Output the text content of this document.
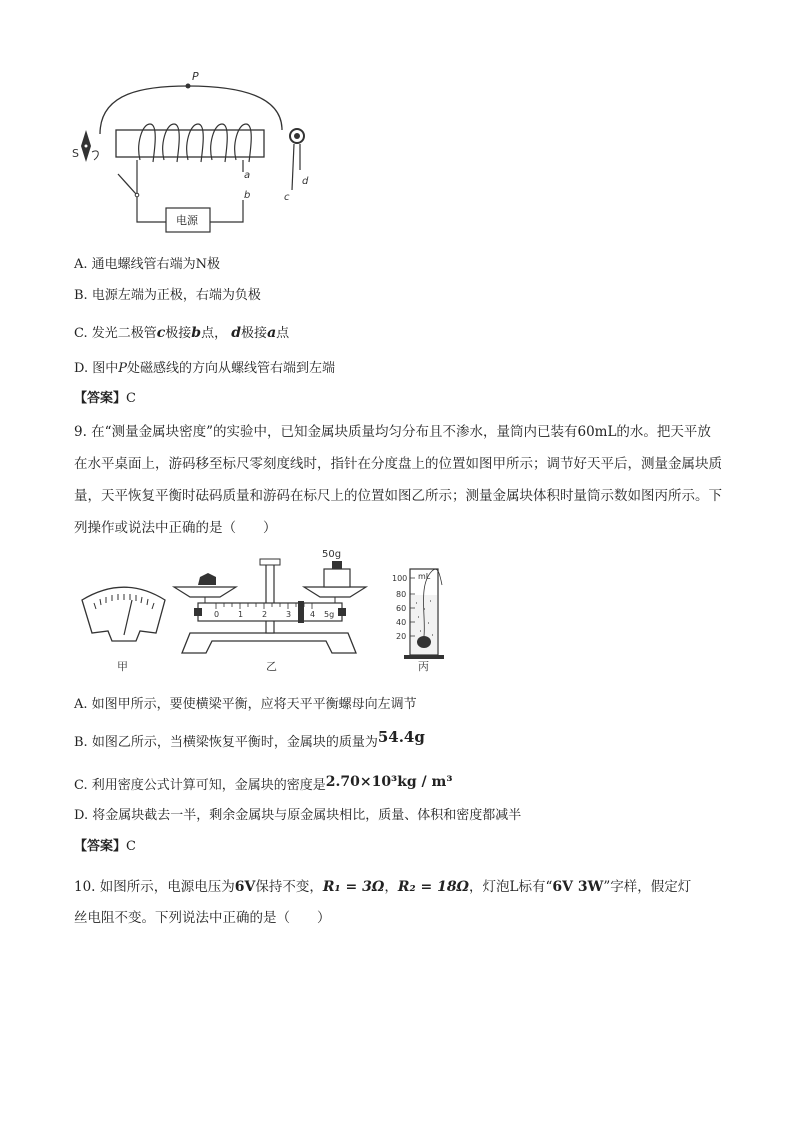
P
S
a
b
电源
c
d
A. 通电螺线管右端为N极
B. 电源左端为正极，右端为负极
C. 发光二极管c极接b点， d极接a点
D. 图中P处磁感线的方向从螺线管右端到左端
【答案】C
9. 在“测量金属块密度”的实验中，已知金属块质量均匀分布且不渗水，量筒内已装有60mL的水。把天平放在水平桌面上，游码移至标尺零刻度线时，指针在分度盘上的位置如图甲所示；调节好天平后，测量金属块质量，天平恢复平衡时砝码质量和游码在标尺上的位置如图乙所示；测量金属块体积时量筒示数如图丙所示。下列操作或说法中正确的是（　　）
甲
50g
0 1 2 3 4 5g
乙
mL
100
80
60
40
20
丙
A. 如图甲所示，要使横梁平衡，应将天平平衡螺母向左调节
B. 如图乙所示，当横梁恢复平衡时，金属块的质量为54.4g
C. 利用密度公式计算可知，金属块的密度是2.70×10³kg / m³
D. 将金属块截去一半，剩余金属块与原金属块相比，质量、体积和密度都减半
【答案】C
10. 如图所示，电源电压为6V保持不变，R₁ = 3Ω，R₂ = 18Ω，灯泡L标有“6V 3W”字样，假定灯
丝电阻不变。下列说法中正确的是（　　）
